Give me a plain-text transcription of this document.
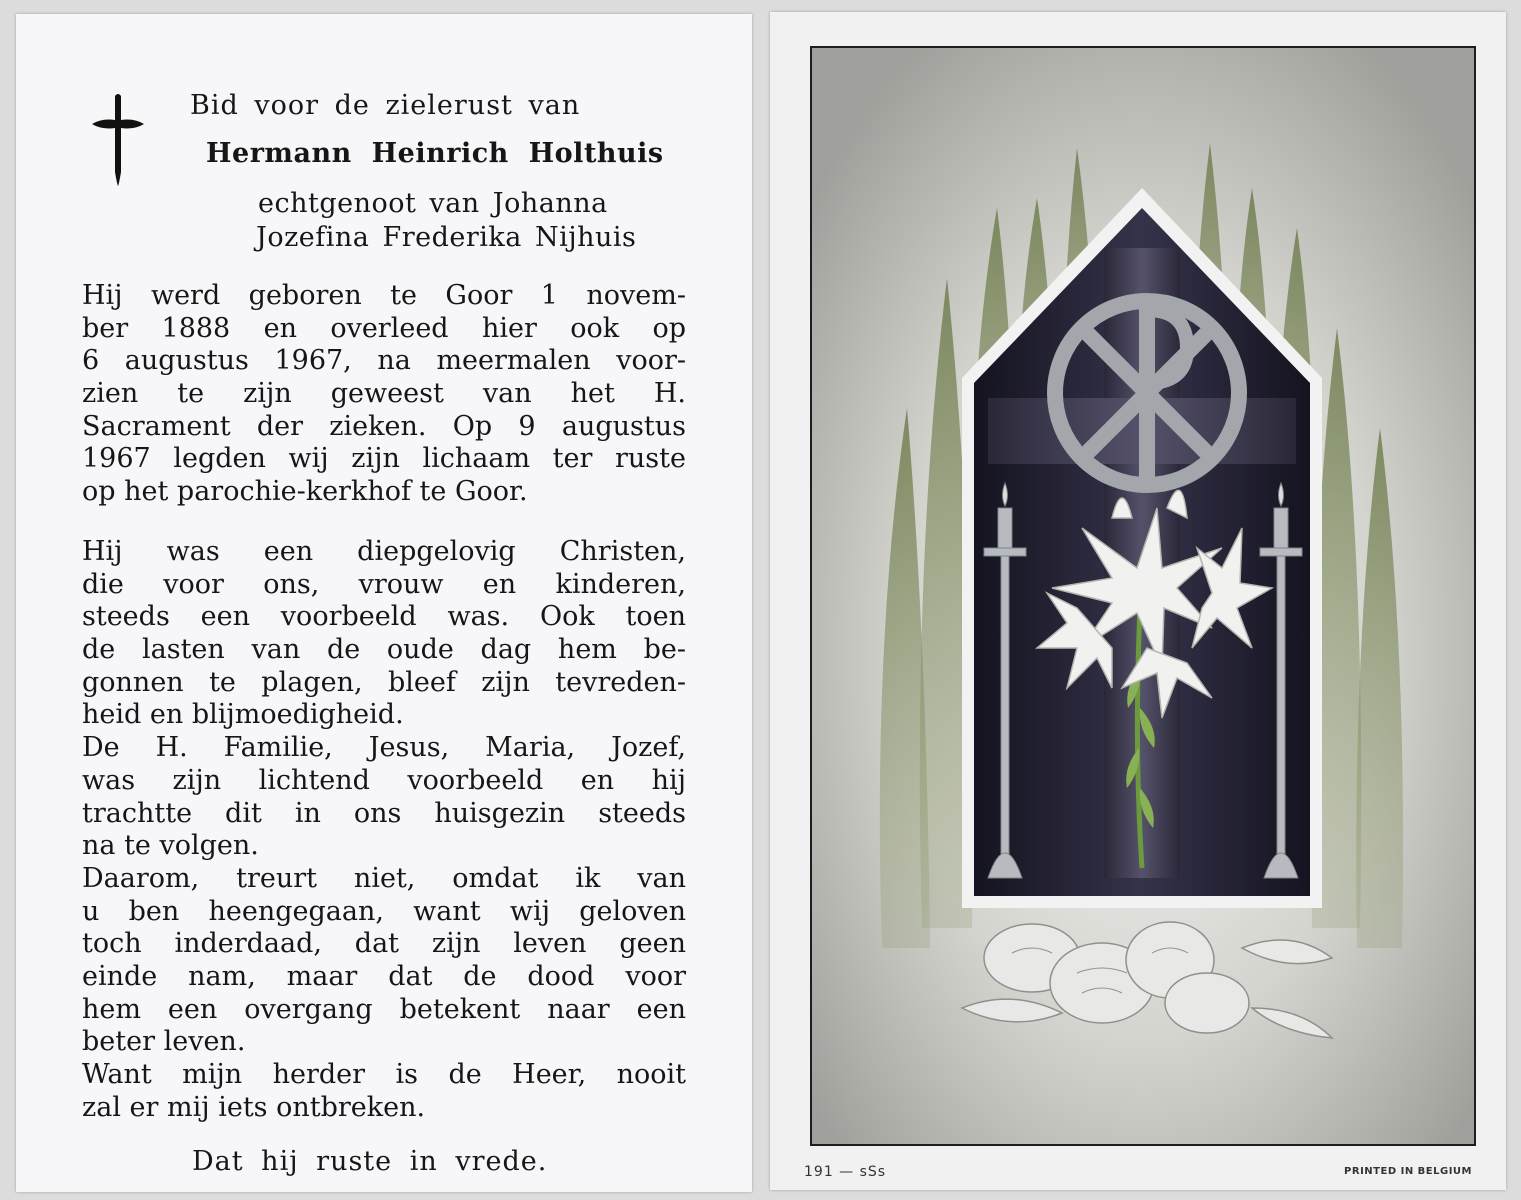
Bid voor de zielerust van
Hermann Heinrich Holthuis
echtgenoot van Johanna
Jozefina Frederika Nijhuis
Hij werd geboren te Goor 1 novem-
ber 1888 en overleed hier ook op
6 augustus 1967, na meermalen voor-
zien te zijn geweest van het H.
Sacrament der zieken. Op 9 augustus
1967 legden wij zijn lichaam ter ruste
op het parochie-kerkhof te Goor.
Hij was een diepgelovig Christen,
die voor ons, vrouw en kinderen,
steeds een voorbeeld was. Ook toen
de lasten van de oude dag hem be-
gonnen te plagen, bleef zijn tevreden-
heid en blijmoedigheid.
De H. Familie, Jesus, Maria, Jozef,
was zijn lichtend voorbeeld en hij
trachtte dit in ons huisgezin steeds
na te volgen.
Daarom, treurt niet, omdat ik van
u ben heengegaan, want wij geloven
toch inderdaad, dat zijn leven geen
einde nam, maar dat de dood voor
hem een overgang betekent naar een
beter leven.
Want mijn herder is de Heer, nooit
zal er mij iets ontbreken.
Dat hij ruste in vrede.	191 — sSs	PRINTED IN BELGIUM
